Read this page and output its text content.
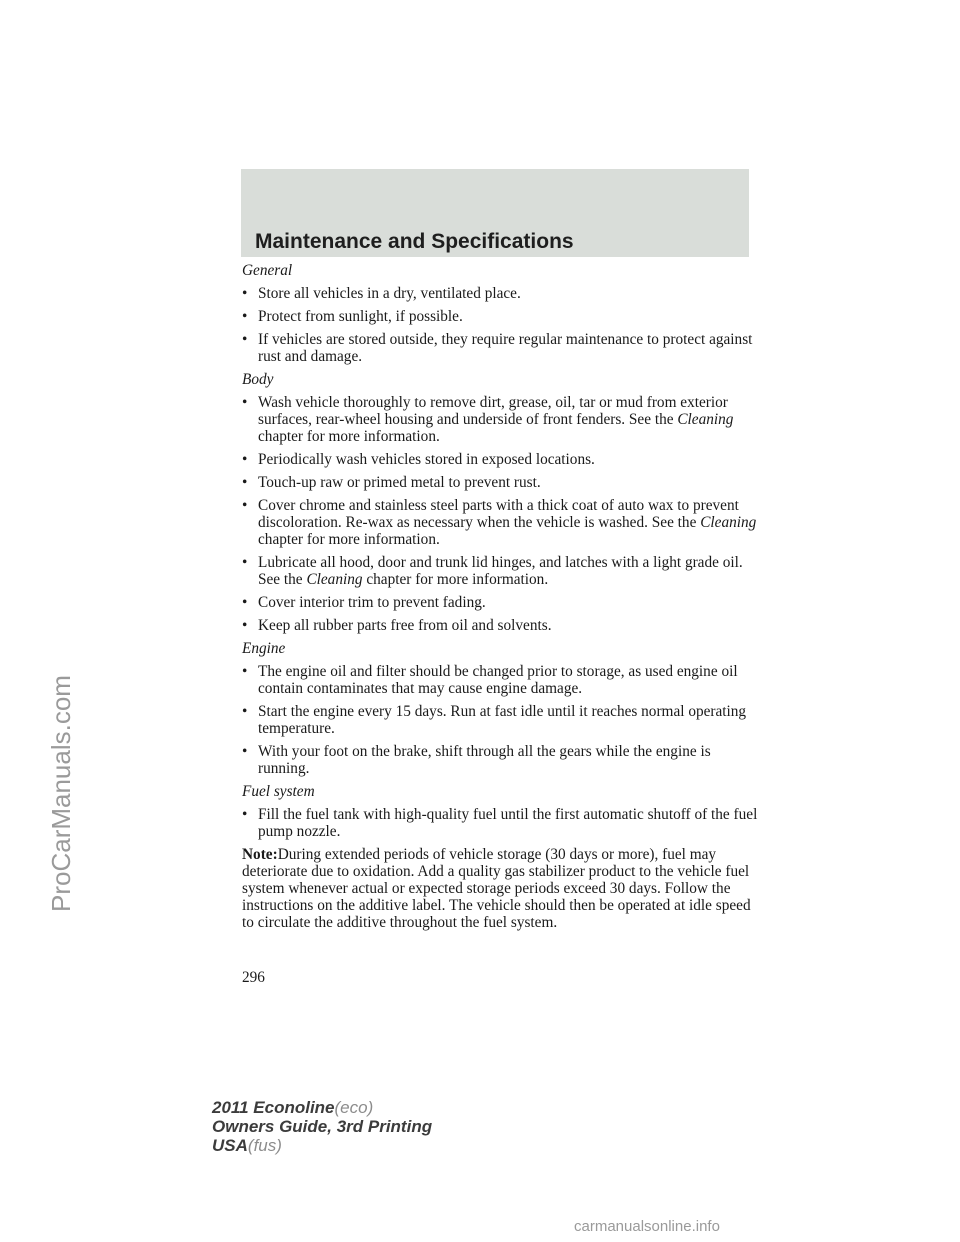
Maintenance and Specifications

General

• Store all vehicles in a dry, ventilated place.

• Protect from sunlight, if possible.

• If vehicles are stored outside, they require regular maintenance to protect against rust and damage.

Body

• Wash vehicle thoroughly to remove dirt, grease, oil, tar or mud from exterior surfaces, rear-wheel housing and underside of front fenders. See the Cleaning chapter for more information.

• Periodically wash vehicles stored in exposed locations.

• Touch-up raw or primed metal to prevent rust.

• Cover chrome and stainless steel parts with a thick coat of auto wax to prevent discoloration. Re-wax as necessary when the vehicle is washed. See the Cleaning chapter for more information.

• Lubricate all hood, door and trunk lid hinges, and latches with a light grade oil. See the Cleaning chapter for more information.

• Cover interior trim to prevent fading.

• Keep all rubber parts free from oil and solvents.

Engine

• The engine oil and filter should be changed prior to storage, as used engine oil contain contaminates that may cause engine damage.

• Start the engine every 15 days. Run at fast idle until it reaches normal operating temperature.

• With your foot on the brake, shift through all the gears while the engine is running.

Fuel system

• Fill the fuel tank with high-quality fuel until the first automatic shutoff of the fuel pump nozzle.

Note:During extended periods of vehicle storage (30 days or more), fuel may deteriorate due to oxidation. Add a quality gas stabilizer product to the vehicle fuel system whenever actual or expected storage periods exceed 30 days. Follow the instructions on the additive label. The vehicle should then be operated at idle speed to circulate the additive throughout the fuel system.

296
2011 Econoline(eco)
Owners Guide, 3rd Printing
USA(fus)
ProCarManuals.com
carmanualsonline.info
